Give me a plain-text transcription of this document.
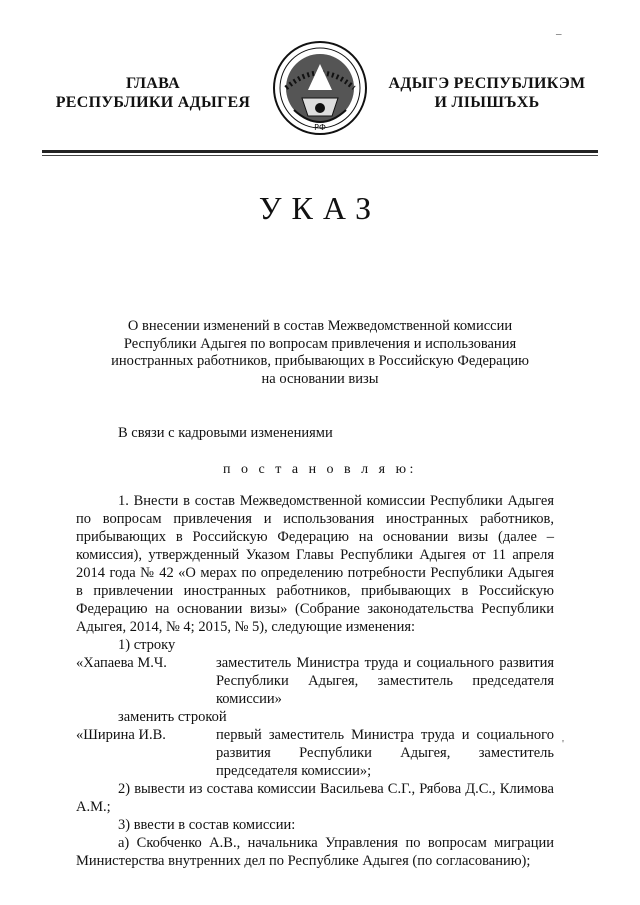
ГЛАВА
РЕСПУБЛИКИ АДЫГЕЯ
РФ
АДЫГЭ РЕСПУБЛИКЭМ
И ЛІЫШЪХЬ
УКАЗ
О внесении изменений в состав Межведомственной комиссии
Республики Адыгея по вопросам привлечения и использования
иностранных работников, прибывающих в Российскую Федерацию
на основании визы
В связи с кадровыми изменениями
п о с т а н о в л я ю:

1. Внести в состав Межведомственной комиссии Республики Адыгея по вопросам привлечения и использования иностранных работников, прибывающих в Российскую Федерацию на основании визы (далее – комиссия), утвержденный Указом Главы Республики Адыгея от 11 апреля 2014 года № 42 «О мерах по определению потребности Республики Адыгея в привлечении иностранных работников, прибывающих в Российскую Федерацию на основании визы» (Собрание законодательства Республики Адыгея, 2014, № 4; 2015, № 5), следующие изменения:

1) строку

«Хапаева М.Ч.	заместитель Министра труда и социального развития Республики Адыгея, заместитель председателя комиссии»

заменить строкой

«Ширина И.В.	первый заместитель Министра труда и социального развития Республики Адыгея, заместитель председателя комиссии»;

2) вывести из состава комиссии Васильева С.Г., Рябова Д.С., Климова А.М.;

3) ввести в состав комиссии:

а) Скобченко А.В., начальника Управления по вопросам миграции Министерства внутренних дел по Республике Адыгея (по согласованию);

–
'
